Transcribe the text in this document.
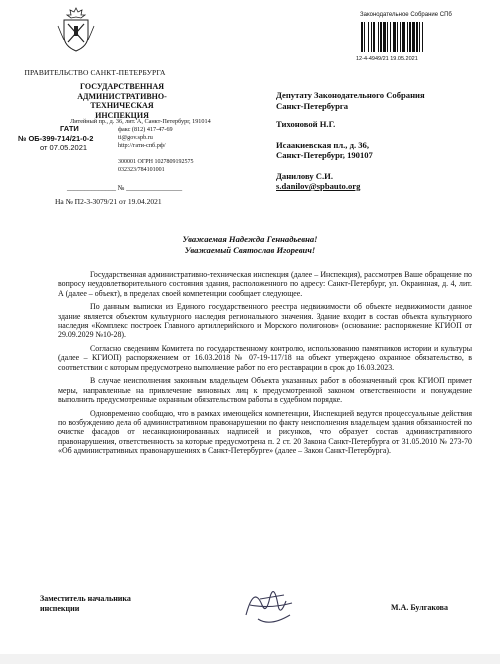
ПРАВИТЕЛЬСТВО САНКТ-ПЕТЕРБУРГА
ГОСУДАРСТВЕННАЯ
АДМИНИСТРАТИВНО-ТЕХНИЧЕСКАЯ
ИНСПЕКЦИЯ
Литейный пр., д. 36, лит. А, Санкт-Петербург, 191014
факс (812) 417-47-69
ti@gov.spb.ru
http://гати-спб.рф/
ГАТИ
№ ОБ-399-714/21-0-2
от 07.05.2021
300001 ОГРН 1027809192575
032323/784101001
______________ № ________________
На № П2-3-3079/21 от 19.04.2021
Законодательное Собрание СПб
12-4-4949/21 19.05.2021
Депутату Законодательного Собрания
Санкт-Петербурга
Тихоновой Н.Г.
Исаакиевская пл., д. 36,
Санкт-Петербург, 190107
Данилову С.И.
s.danilov@spbauto.org
Уважаемая Надежда Геннадьевна!
Уважаемый Святослав Игоревич!

Государственная административно-техническая инспекция (далее – Инспекция), рассмотрев Ваше обращение по вопросу неудовлетворительного состояния здания, расположенного по адресу: Санкт-Петербург, ул. Окраинная, д. 4, лит. А (далее – объект), в пределах своей компетенции сообщает следующее.

По данным выписки из Единого государственного реестра недвижимости об объекте недвижимости данное здание является объектом культурного наследия регионального значения. Здание входит в состав объекта культурного наследия «Комплекс построек Главного артиллерийского и Морского полигонов» (основание: распоряжение КГИОП от 29.09.2029 №10-28).

Согласно сведениям Комитета по государственному контролю, использованию памятников истории и культуры (далее – КГИОП) распоряжением от 16.03.2018 № 07-19-117/18 на объект утверждено охранное обязательство, в соответствии с которым предусмотрено выполнение работ по его реставрации в срок до 16.03.2023.

В случае неисполнения законным владельцем Объекта указанных работ в обозначенный срок КГИОП примет меры, направленные на привлечение виновных лиц к предусмотренной законом ответственности и понуждение выполнить предусмотренные охранным обязательством работы в судебном порядке.

Одновременно сообщаю, что в рамках имеющейся компетенции, Инспекцией ведутся процессуальные действия по возбуждению дела об административном правонарушении по факту неисполнения владельцем здания обязанностей по очистке фасадов от несанкционированных надписей и рисунков, что образует состав административного правонарушения, ответственность за которые предусмотрена п. 2 ст. 20 Закона Санкт-Петербурга от 31.05.2010 № 273-70 «Об административных правонарушениях в Санкт-Петербурге» (далее – Закон Санкт-Петербурга).

Заместитель начальника
инспекции	М.А. Булгакова
